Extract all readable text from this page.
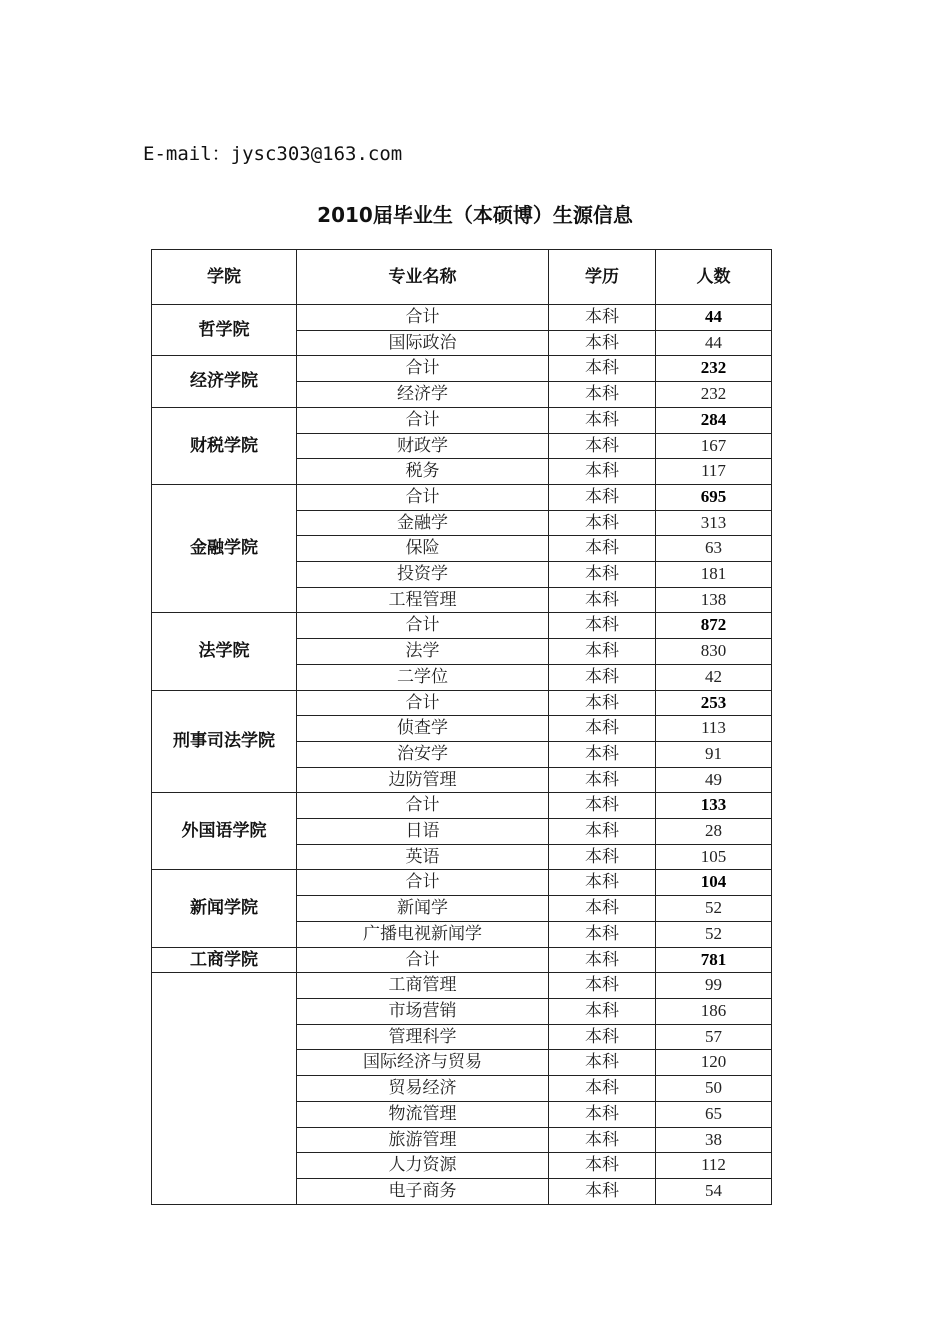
E-mail：jysc303@163.com
2010届毕业生（本硕博）生源信息
学院	专业名称	学历	人数
哲学院	合计	本科	44
	国际政治	本科	44
经济学院	合计	本科	232
	经济学	本科	232
财税学院	合计	本科	284
	财政学	本科	167
	税务	本科	117
金融学院	合计	本科	695
	金融学	本科	313
	保险	本科	63
	投资学	本科	181
	工程管理	本科	138
法学院	合计	本科	872
	法学	本科	830
	二学位	本科	42
刑事司法学院	合计	本科	253
	侦查学	本科	113
	治安学	本科	91
	边防管理	本科	49
外国语学院	合计	本科	133
	日语	本科	28
	英语	本科	105
新闻学院	合计	本科	104
	新闻学	本科	52
	广播电视新闻学	本科	52
工商学院	合计	本科	781
	工商管理	本科	99
	市场营销	本科	186
	管理科学	本科	57
	国际经济与贸易	本科	120
	贸易经济	本科	50
	物流管理	本科	65
	旅游管理	本科	38
	人力资源	本科	112
	电子商务	本科	54
